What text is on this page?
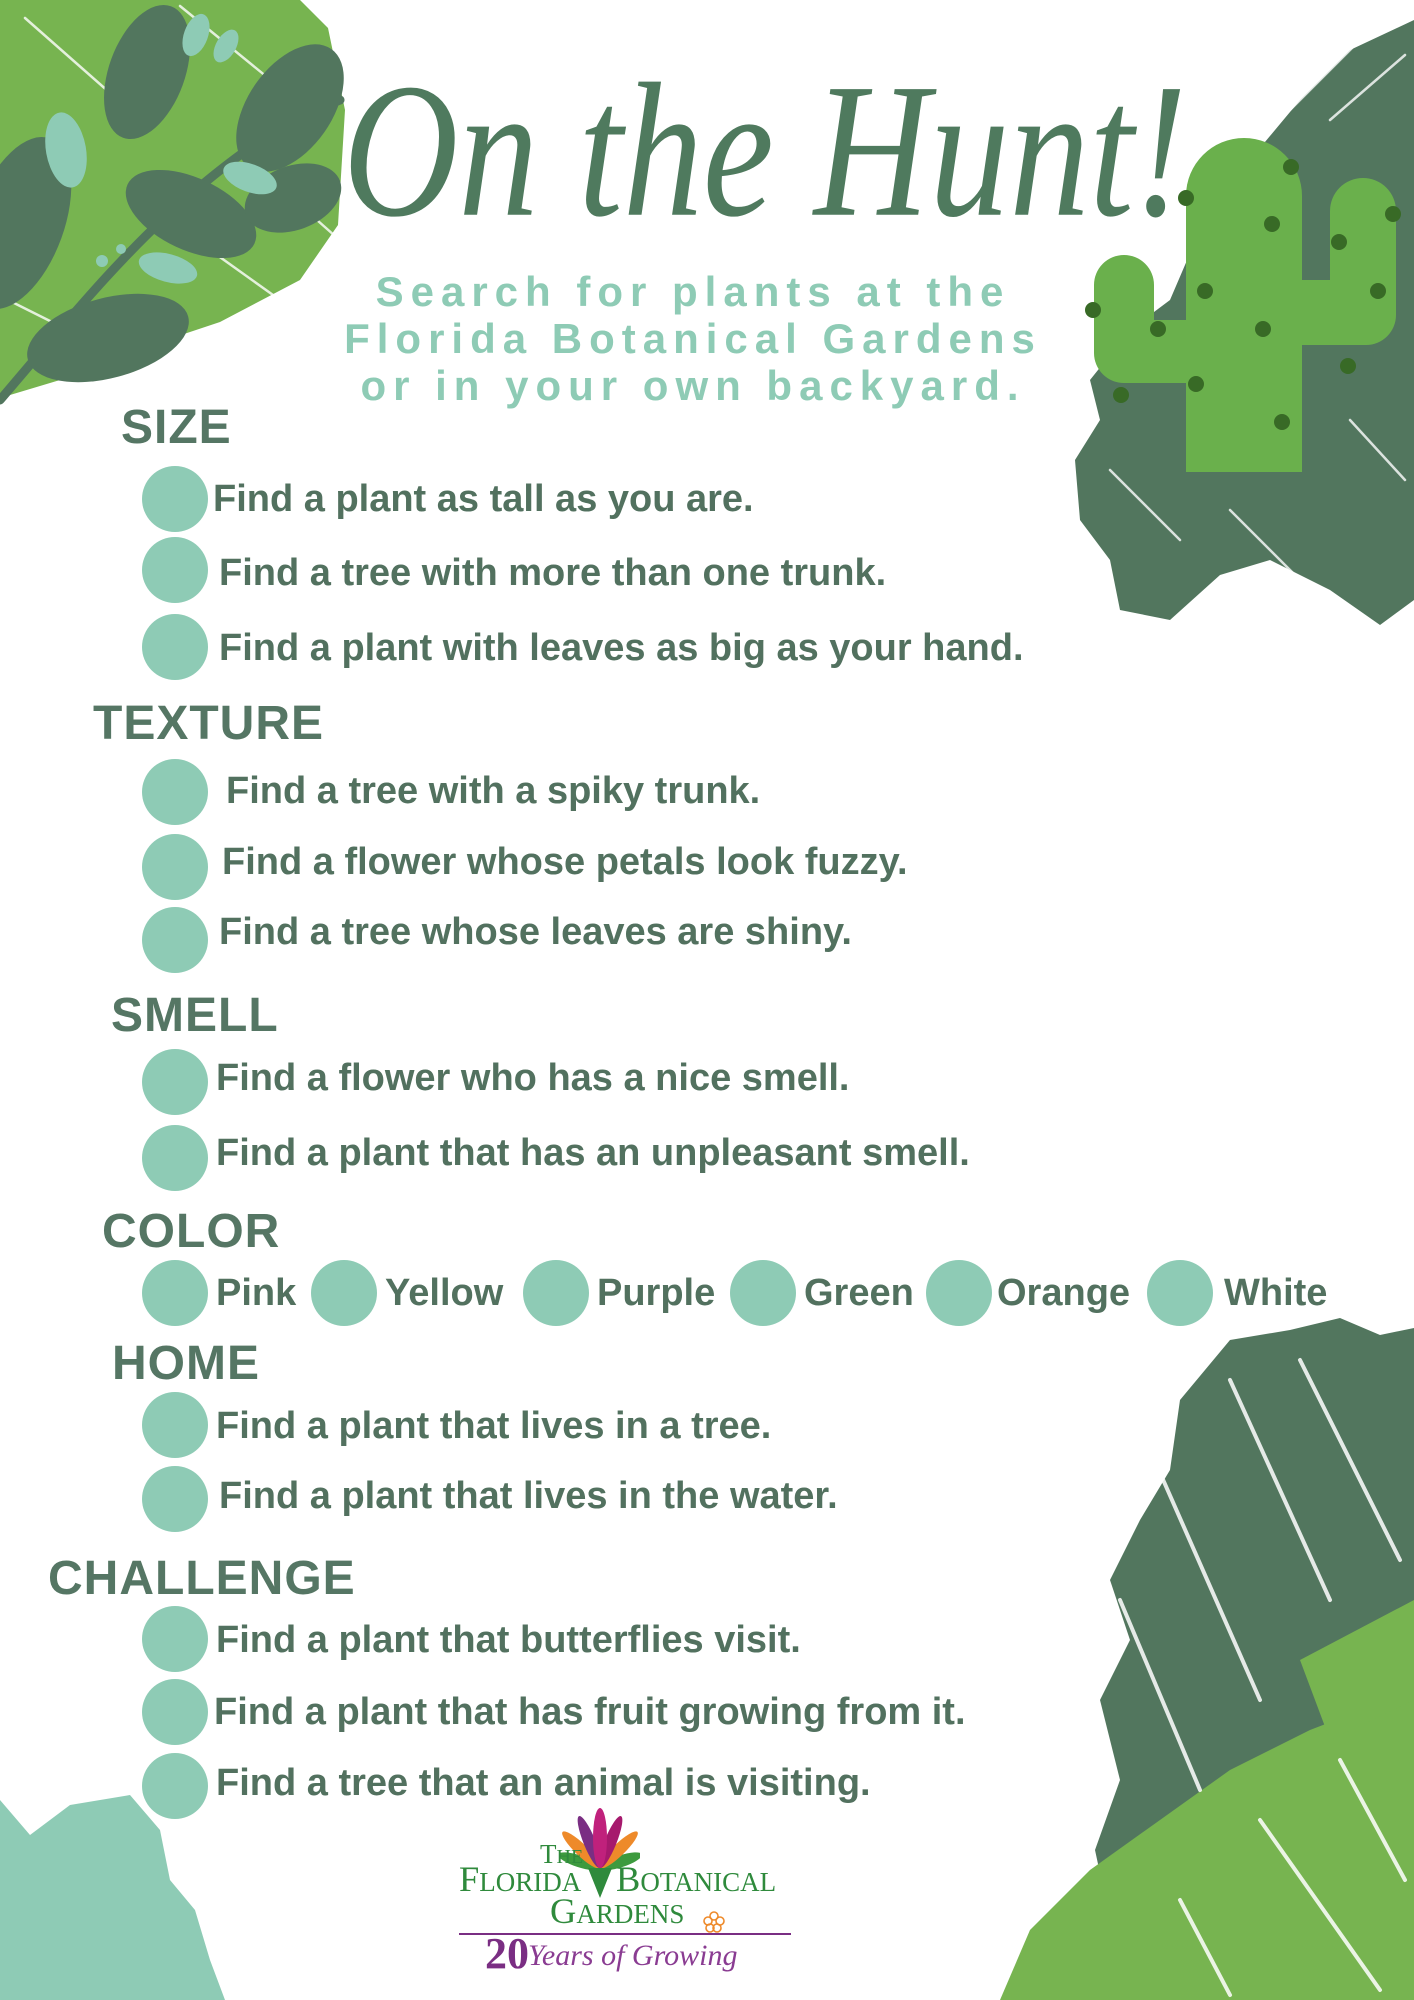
On the Hunt!
Search for plants at the
Florida Botanical Gardens
or in your own backyard.
SIZE
Find a plant as tall as you are.
Find a tree with more than one trunk.
Find a plant with leaves as big as your hand.
TEXTURE
Find a tree with a spiky trunk.
Find a flower whose petals look fuzzy.
Find a tree whose leaves are shiny.
SMELL
Find a flower who has a nice smell.
Find a plant that has an unpleasant smell.
COLOR
Pink Yellow Purple Green Orange White
HOME
Find a plant that lives in a tree.
Find a plant that lives in the water.
CHALLENGE
Find a plant that butterflies visit.
Find a plant that has fruit growing from it.
Find a tree that an animal is visiting.
THE
FLORIDA BOTANICAL
GARDENS
20 Years of Growing
